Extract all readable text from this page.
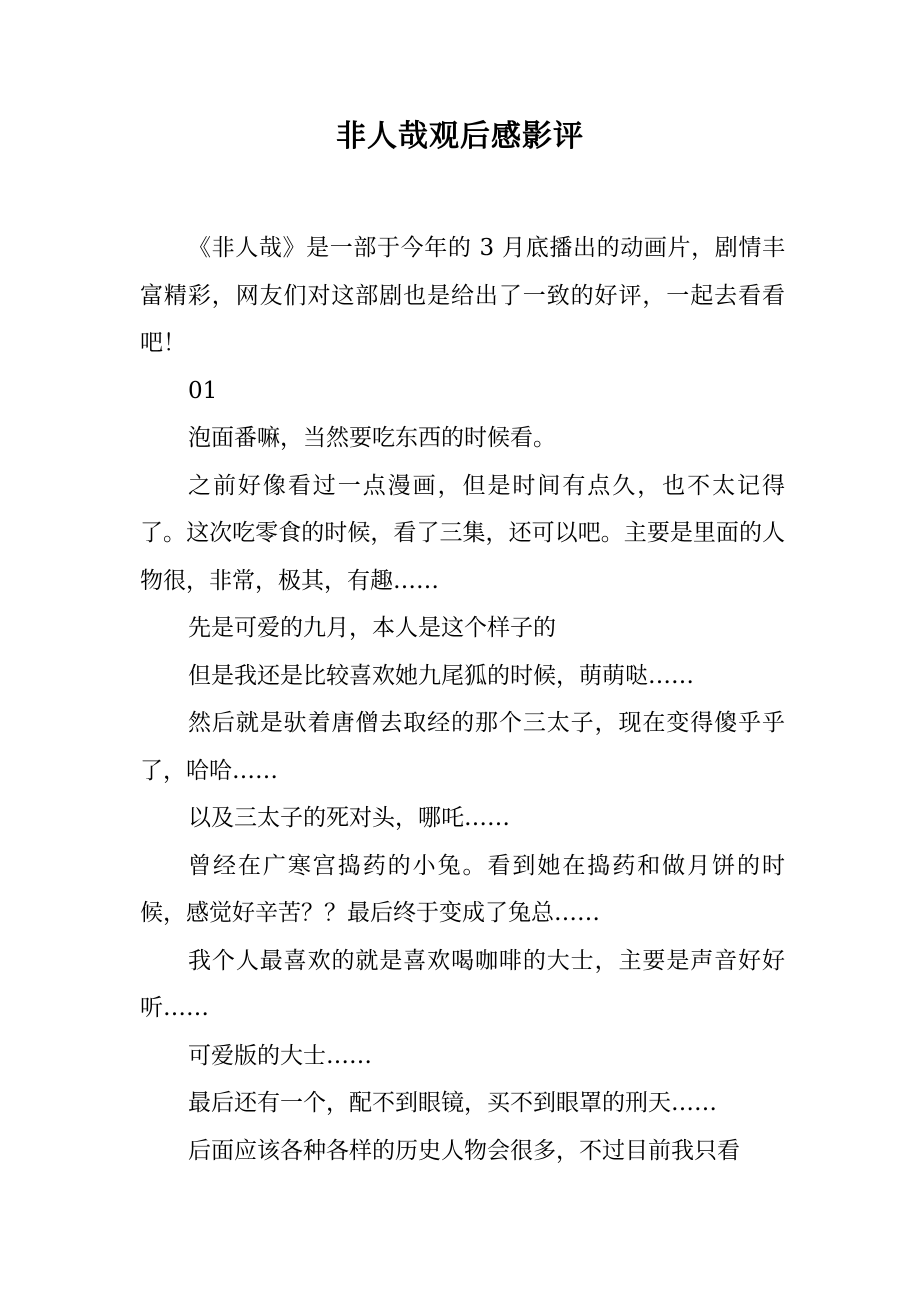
非人哉观后感影评

《非人哉》是一部于今年的 3 月底播出的动画片，剧情丰富精彩，网友们对这部剧也是给出了一致的好评，一起去看看吧！

01

泡面番嘛，当然要吃东西的时候看。

之前好像看过一点漫画，但是时间有点久，也不太记得了。这次吃零食的时候，看了三集，还可以吧。主要是里面的人物很，非常，极其，有趣……

先是可爱的九月，本人是这个样子的

但是我还是比较喜欢她九尾狐的时候，萌萌哒……

然后就是驮着唐僧去取经的那个三太子，现在变得傻乎乎了，哈哈……

以及三太子的死对头，哪吒……

曾经在广寒宫捣药的小兔。看到她在捣药和做月饼的时候，感觉好辛苦？？最后终于变成了兔总……

我个人最喜欢的就是喜欢喝咖啡的大士，主要是声音好好听……

可爱版的大士……

最后还有一个，配不到眼镜，买不到眼罩的刑天……

后面应该各种各样的历史人物会很多，不过目前我只看
